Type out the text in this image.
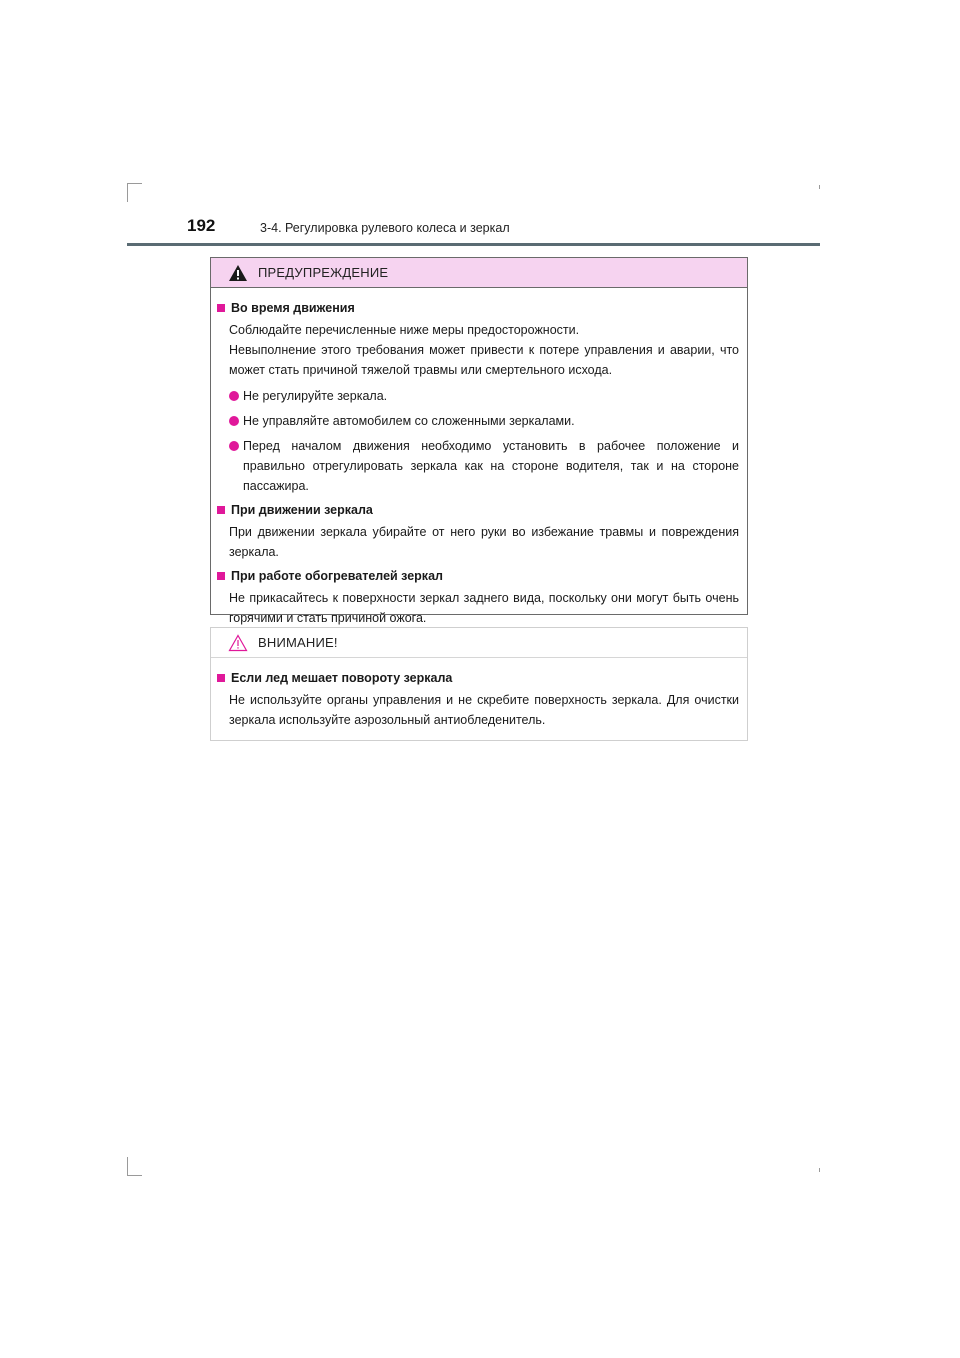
192	3-4. Регулировка рулевого колеса и зеркал
ПРЕДУПРЕЖДЕНИЕ
Во время движения
Соблюдайте перечисленные ниже меры предосторожности.
Невыполнение этого требования может привести к потере управления и аварии, что может стать причиной тяжелой травмы или смертельного исхода.
Не регулируйте зеркала.
Не управляйте автомобилем со сложенными зеркалами.
Перед началом движения необходимо установить в рабочее положение и правильно отрегулировать зеркала как на стороне водителя, так и на стороне пассажира.
При движении зеркала
При движении зеркала убирайте от него руки во избежание травмы и повреждения зеркала.
При работе обогревателей зеркал
Не прикасайтесь к поверхности зеркал заднего вида, поскольку они могут быть очень горячими и стать причиной ожога.
ВНИМАНИЕ!
Если лед мешает повороту зеркала
Не используйте органы управления и не скребите поверхность зеркала. Для очистки зеркала используйте аэрозольный антиобледенитель.
